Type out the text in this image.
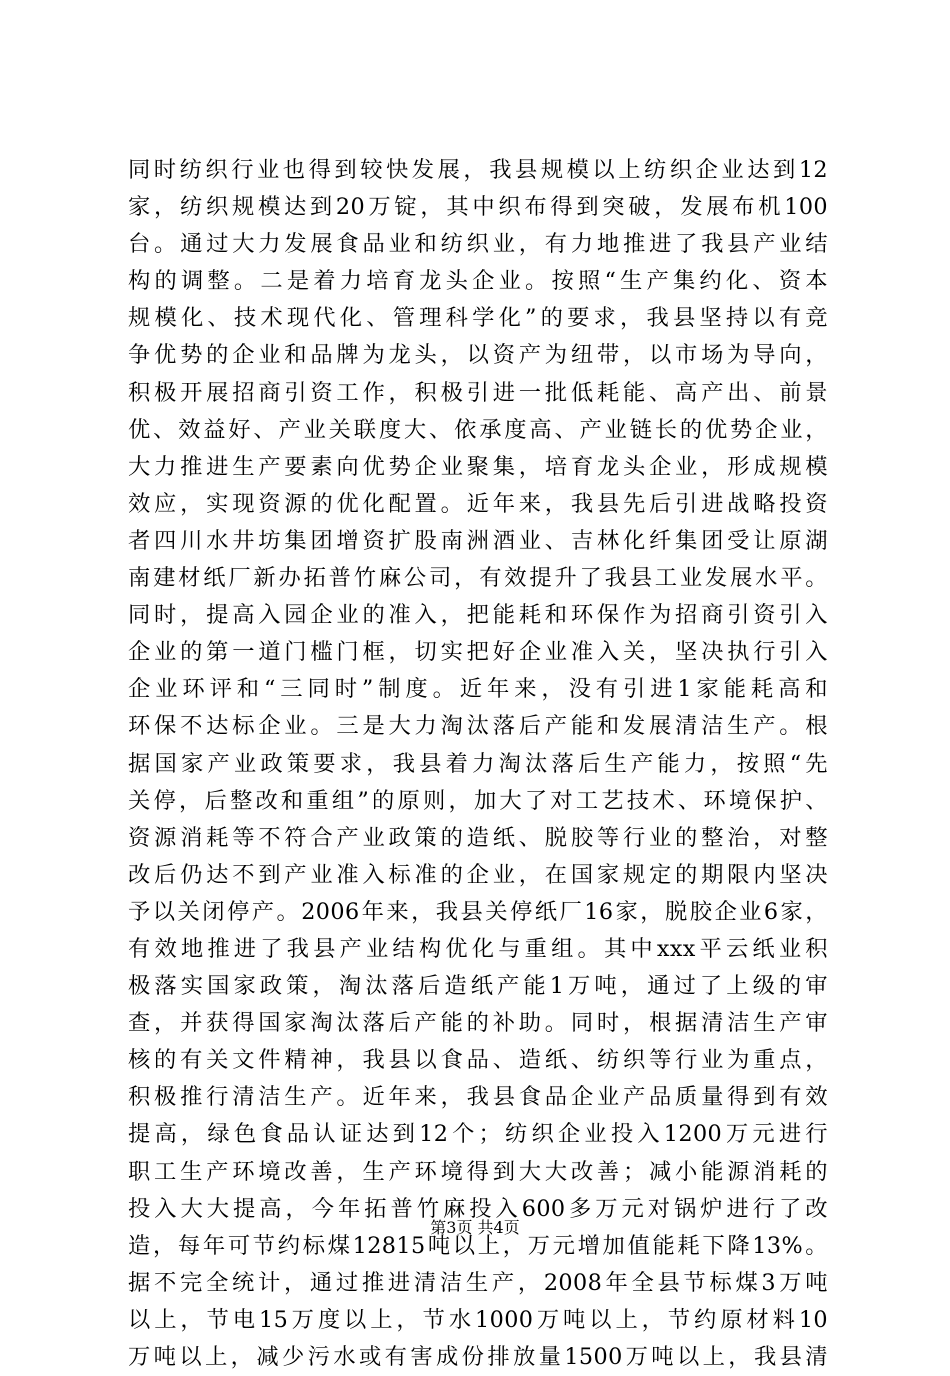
同时纺织行业也得到较快发展，我县规模以上纺织企业达到12
家，纺织规模达到20万锭，其中织布得到突破，发展布机100
台。通过大力发展食品业和纺织业，有力地推进了我县产业结
构的调整。二是着力培育龙头企业。按照“生产集约化、资本
规模化、技术现代化、管理科学化”的要求，我县坚持以有竞
争优势的企业和品牌为龙头，以资产为纽带，以市场为导向，
积极开展招商引资工作，积极引进一批低耗能、高产出、前景
优、效益好、产业关联度大、依承度高、产业链长的优势企业，
大力推进生产要素向优势企业聚集，培育龙头企业，形成规模
效应，实现资源的优化配置。近年来，我县先后引进战略投资
者四川水井坊集团增资扩股南洲酒业、吉林化纤集团受让原湖
南建材纸厂新办拓普竹麻公司，有效提升了我县工业发展水平。
同时，提高入园企业的准入，把能耗和环保作为招商引资引入
企业的第一道门槛门框，切实把好企业准入关，坚决执行引入
企业环评和“三同时”制度。近年来，没有引进1家能耗高和
环保不达标企业。三是大力淘汰落后产能和发展清洁生产。根
据国家产业政策要求，我县着力淘汰落后生产能力，按照“先
关停，后整改和重组”的原则，加大了对工艺技术、环境保护、
资源消耗等不符合产业政策的造纸、脱胶等行业的整治，对整
改后仍达不到产业准入标准的企业，在国家规定的期限内坚决
予以关闭停产。2006年来，我县关停纸厂16家，脱胶企业6家，
有效地推进了我县产业结构优化与重组。其中xxx平云纸业积
极落实国家政策，淘汰落后造纸产能1万吨，通过了上级的审
查，并获得国家淘汰落后产能的补助。同时，根据清洁生产审
核的有关文件精神，我县以食品、造纸、纺织等行业为重点，
积极推行清洁生产。近年来，我县食品企业产品质量得到有效
提高，绿色食品认证达到12个；纺织企业投入1200万元进行
职工生产环境改善，生产环境得到大大改善；减小能源消耗的
投入大大提高，今年拓普竹麻投入600多万元对锅炉进行了改
造，每年可节约标煤12815吨以上，万元增加值能耗下降13%。
据不完全统计，通过推进清洁生产，2008年全县节标煤3万吨
以上，节电15万度以上，节水1000万吨以上，节约原材料10
万吨以上，减少污水或有害成份排放量1500万吨以上，我县清
第3页 共4页
